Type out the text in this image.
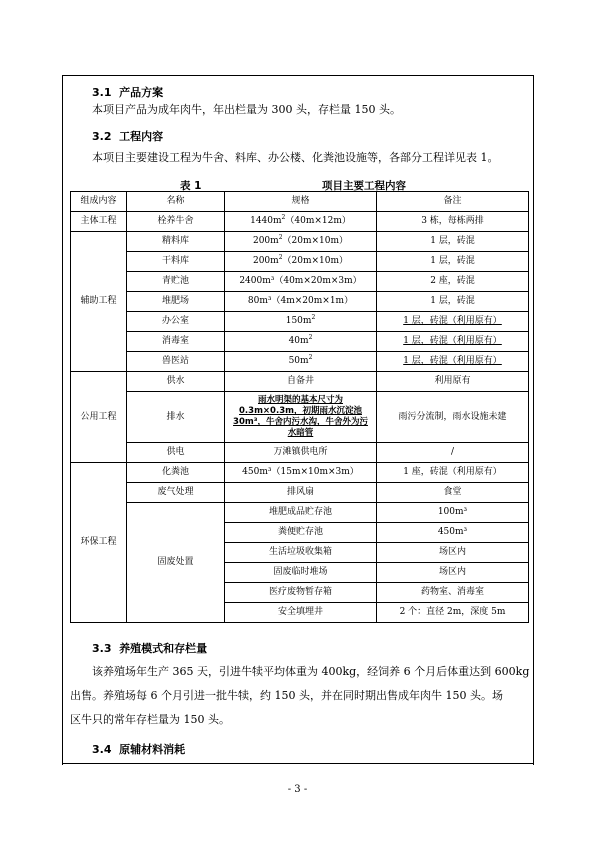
3.1 产品方案
本项目产品为成年肉牛，年出栏量为 300 头，存栏量 150 头。
3.2 工程内容
本项目主要建设工程为牛舍、料库、办公楼、化粪池设施等，各部分工程详见表 1。
表 1	项目主要工程内容
组成内容	名称	规格	备注
主体工程	栓养牛舍	$1440m^2(40m\times 12m)$	3 栋，每栋两排
辅助工程	精料库	$200m^2(20m\times 10m)$	1 层，砖混
	干料库	$200m^2(20m\times 10m)$	1 层，砖混
	青贮池	2400m³（40m×20m×3m）	2 座，砖混
	堆肥场	80m³（4m×20m×1m）	1 层，砖混
	办公室	$150m^2$	1 层，砖混（利用原有）
	消毒室	$40m^2$	1 层，砖混（利用原有）
	兽医站	$50m^2$	1 层，砖混（利用原有）
公用工程	供水	自备井	利用原有
	排水	雨水明渠的基本尺寸为0.3m×0.3m，初期雨水沉淀池30m³，牛舍内污水沟，牛舍外为污水暗管	雨污分流制，雨水设施未建
	供电	万滩镇供电所	/
环保工程	化粪池	450m³（15m×10m×3m）	1 座，砖混（利用原有）
	废气处理	排风扇	食堂
	固废处置	堆肥成品贮存池	100m³
		粪便贮存池	450m³
		生活垃圾收集箱	场区内
		固废临时堆场	场区内
		医疗废物暂存箱	药物室、消毒室
		安全填埋井	2 个：直径 2m，深度 5m
3.3 养殖模式和存栏量
该养殖场年生产 365 天，引进牛犊平均体重为 400kg，经饲养 6 个月后体重达到 600kg
出售。养殖场每 6 个月引进一批牛犊，约 150 头，并在同时期出售成年肉牛 150 头。场
区牛只的常年存栏量为 150 头。
3.4 原辅材料消耗
- 3 -
